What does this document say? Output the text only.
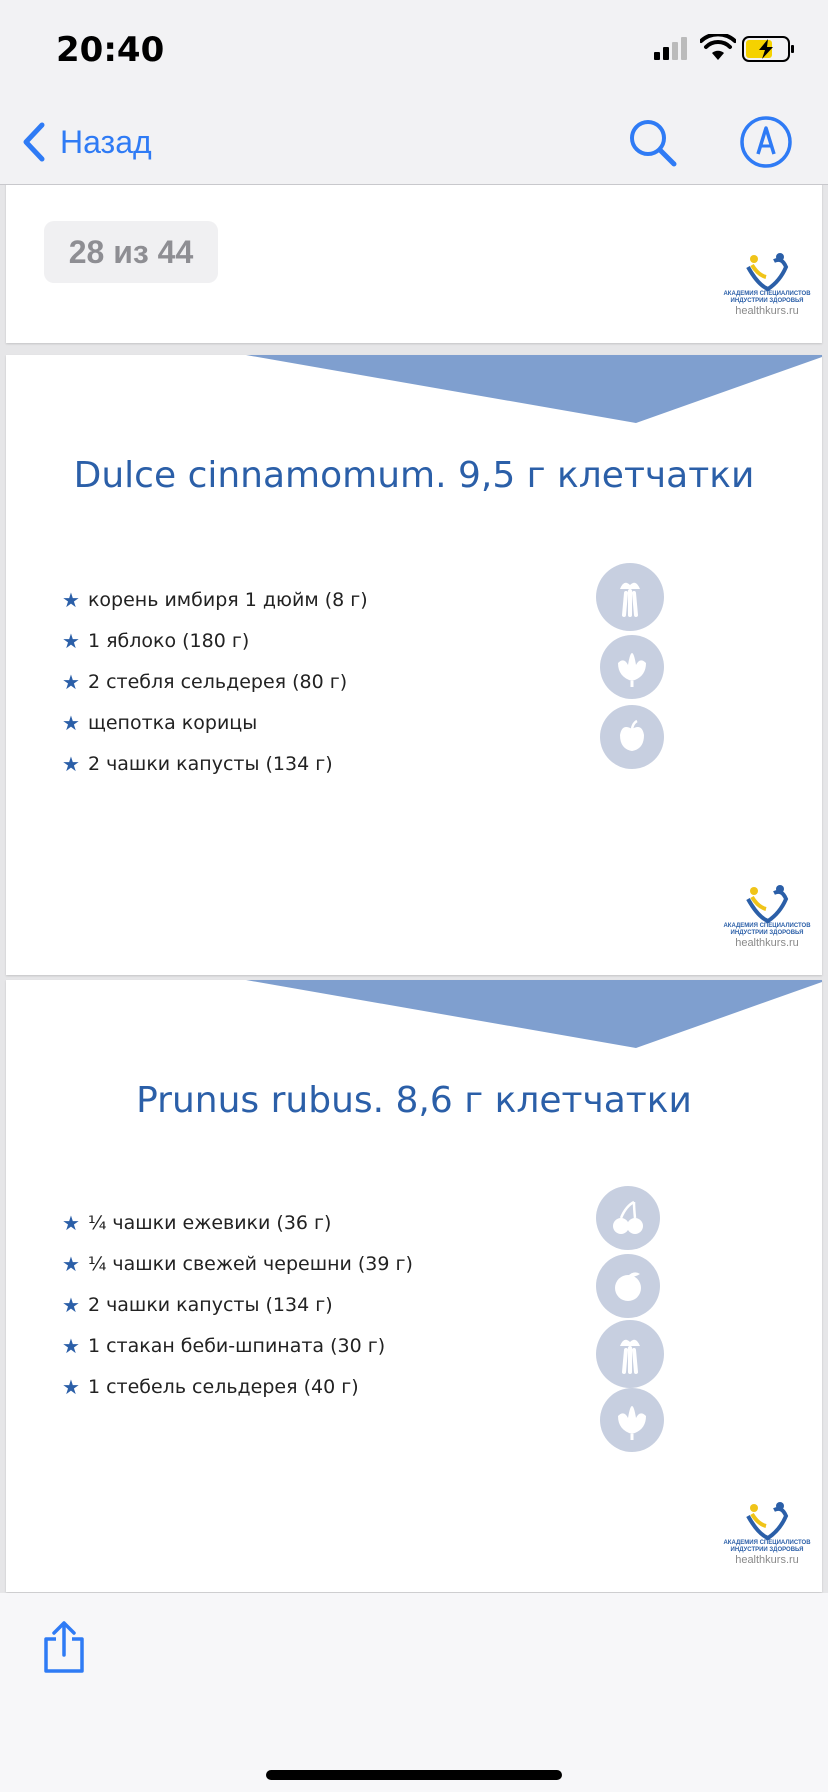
20:40
Назад
28 из 44
АКАДЕМИЯ СПЕЦИАЛИСТОВ
ИНДУСТРИИ ЗДОРОВЬЯ
healthkurs.ru
Dulce cinnamomum. 9,5 г клетчатки
★ корень имбиря 1 дюйм (8 г)
★ 1 яблоко (180 г)
★ 2 стебля сельдерея (80 г)
★ щепотка корицы
★ 2 чашки капусты (134 г)
АКАДЕМИЯ СПЕЦИАЛИСТОВ
ИНДУСТРИИ ЗДОРОВЬЯ
healthkurs.ru
Prunus rubus. 8,6 г клетчатки
★ ¼ чашки ежевики (36 г)
★ ¼ чашки свежей черешни (39 г)
★ 2 чашки капусты (134 г)
★ 1 стакан беби-шпината (30 г)
★ 1 стебель сельдерея (40 г)
АКАДЕМИЯ СПЕЦИАЛИСТОВ
ИНДУСТРИИ ЗДОРОВЬЯ
healthkurs.ru
